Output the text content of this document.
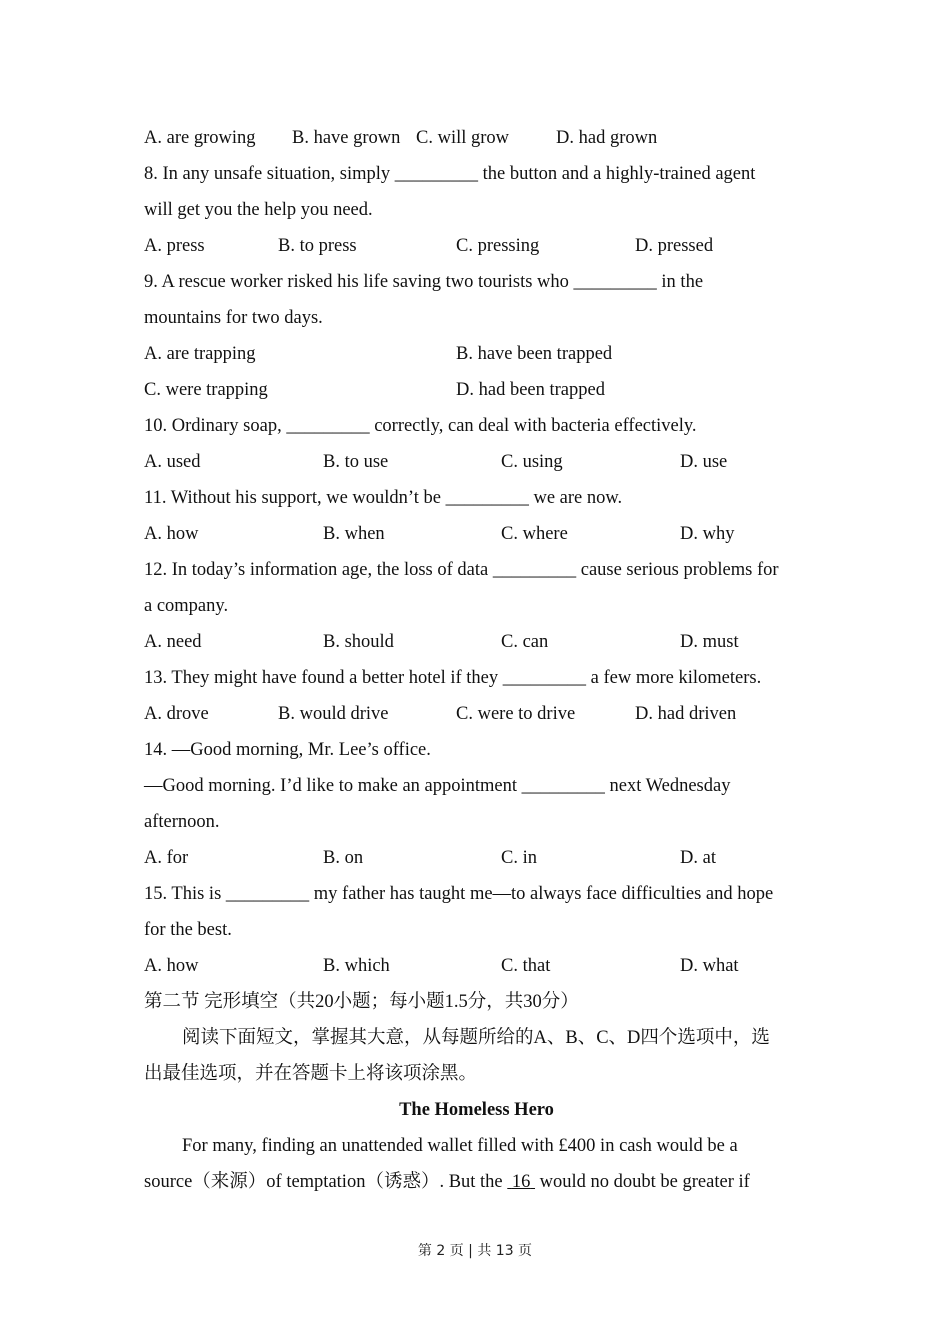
A. are growing B. have grown C. will grow	D. had grown
8. In any unsafe situation, simply _________ the button and a highly-trained agent
will get you the help you need.
A. press	B. to press	C. pressing	D. pressed
9. A rescue worker risked his life saving two tourists who _________ in the
mountains for two days.
A. are trapping	B. have been trapped
C. were trapping	D. had been trapped
10. Ordinary soap, _________ correctly, can deal with bacteria effectively.
A. used	B. to use	C. using	D. use
11. Without his support, we wouldn’t be _________ we are now.
A. how	B. when	C. where	D. why
12. In today’s information age, the loss of data _________ cause serious problems for
a company.
A. need	B. should	C. can	D. must
13. They might have found a better hotel if they _________ a few more kilometers.
A. drove	B. would drive	C. were to drive	D. had driven
14. —Good morning, Mr. Lee’s office.
—Good morning. I’d like to make an appointment _________ next Wednesday
afternoon.
A. for	B. on	C. in	D. at
15. This is _________ my father has taught me—to always face difficulties and hope
for the best.
A. how	B. which	C. that	D. what
第二节 完形填空（共20小题；每小题1.5分，共30分）
阅读下面短文，掌握其大意，从每题所给的A、B、C、D四个选项中，选
出最佳选项，并在答题卡上将该项涂黑。
The Homeless Hero
For many, finding an unattended wallet filled with £400 in cash would be a
source（来源）of temptation（诱惑）. But the  16  would no doubt be greater if
第 2 页 | 共 13 页
